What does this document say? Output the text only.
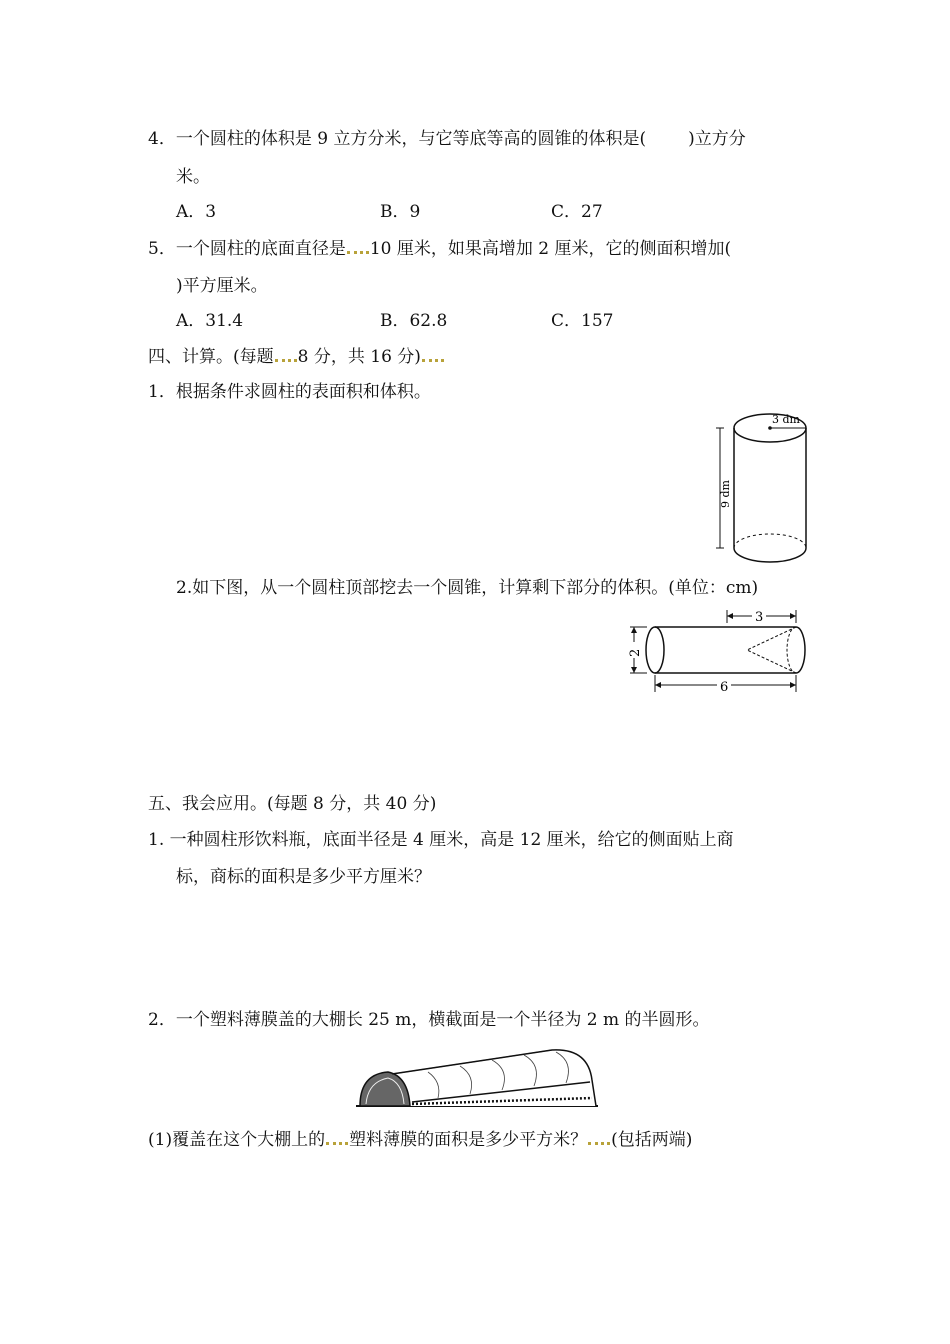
4．一个圆柱的体积是 9 立方分米，与它等底等高的圆锥的体积是( )立方分
米。
A．3	B．9	C．27
5．一个圆柱的底面直径是 10 厘米，如果高增加 2 厘米，它的侧面积增加(
)平方厘米。
A．31.4	B．62.8	C．157
四、计算。(每题 8 分，共 16 分)
1．根据条件求圆柱的表面积和体积。
3 dm
9 dm
2.如下图，从一个圆柱顶部挖去一个圆锥，计算剩下部分的体积。(单位：cm)
3
2
6
五、我会应用。(每题 8 分，共 40 分)
1. 一种圆柱形饮料瓶，底面半径是 4 厘米，高是 12 厘米，给它的侧面贴上商
标，商标的面积是多少平方厘米？
2．一个塑料薄膜盖的大棚长 25 m，横截面是一个半径为 2 m 的半圆形。
(1)覆盖在这个大棚上的 塑料薄膜的面积是多少平方米？ (包括两端)
